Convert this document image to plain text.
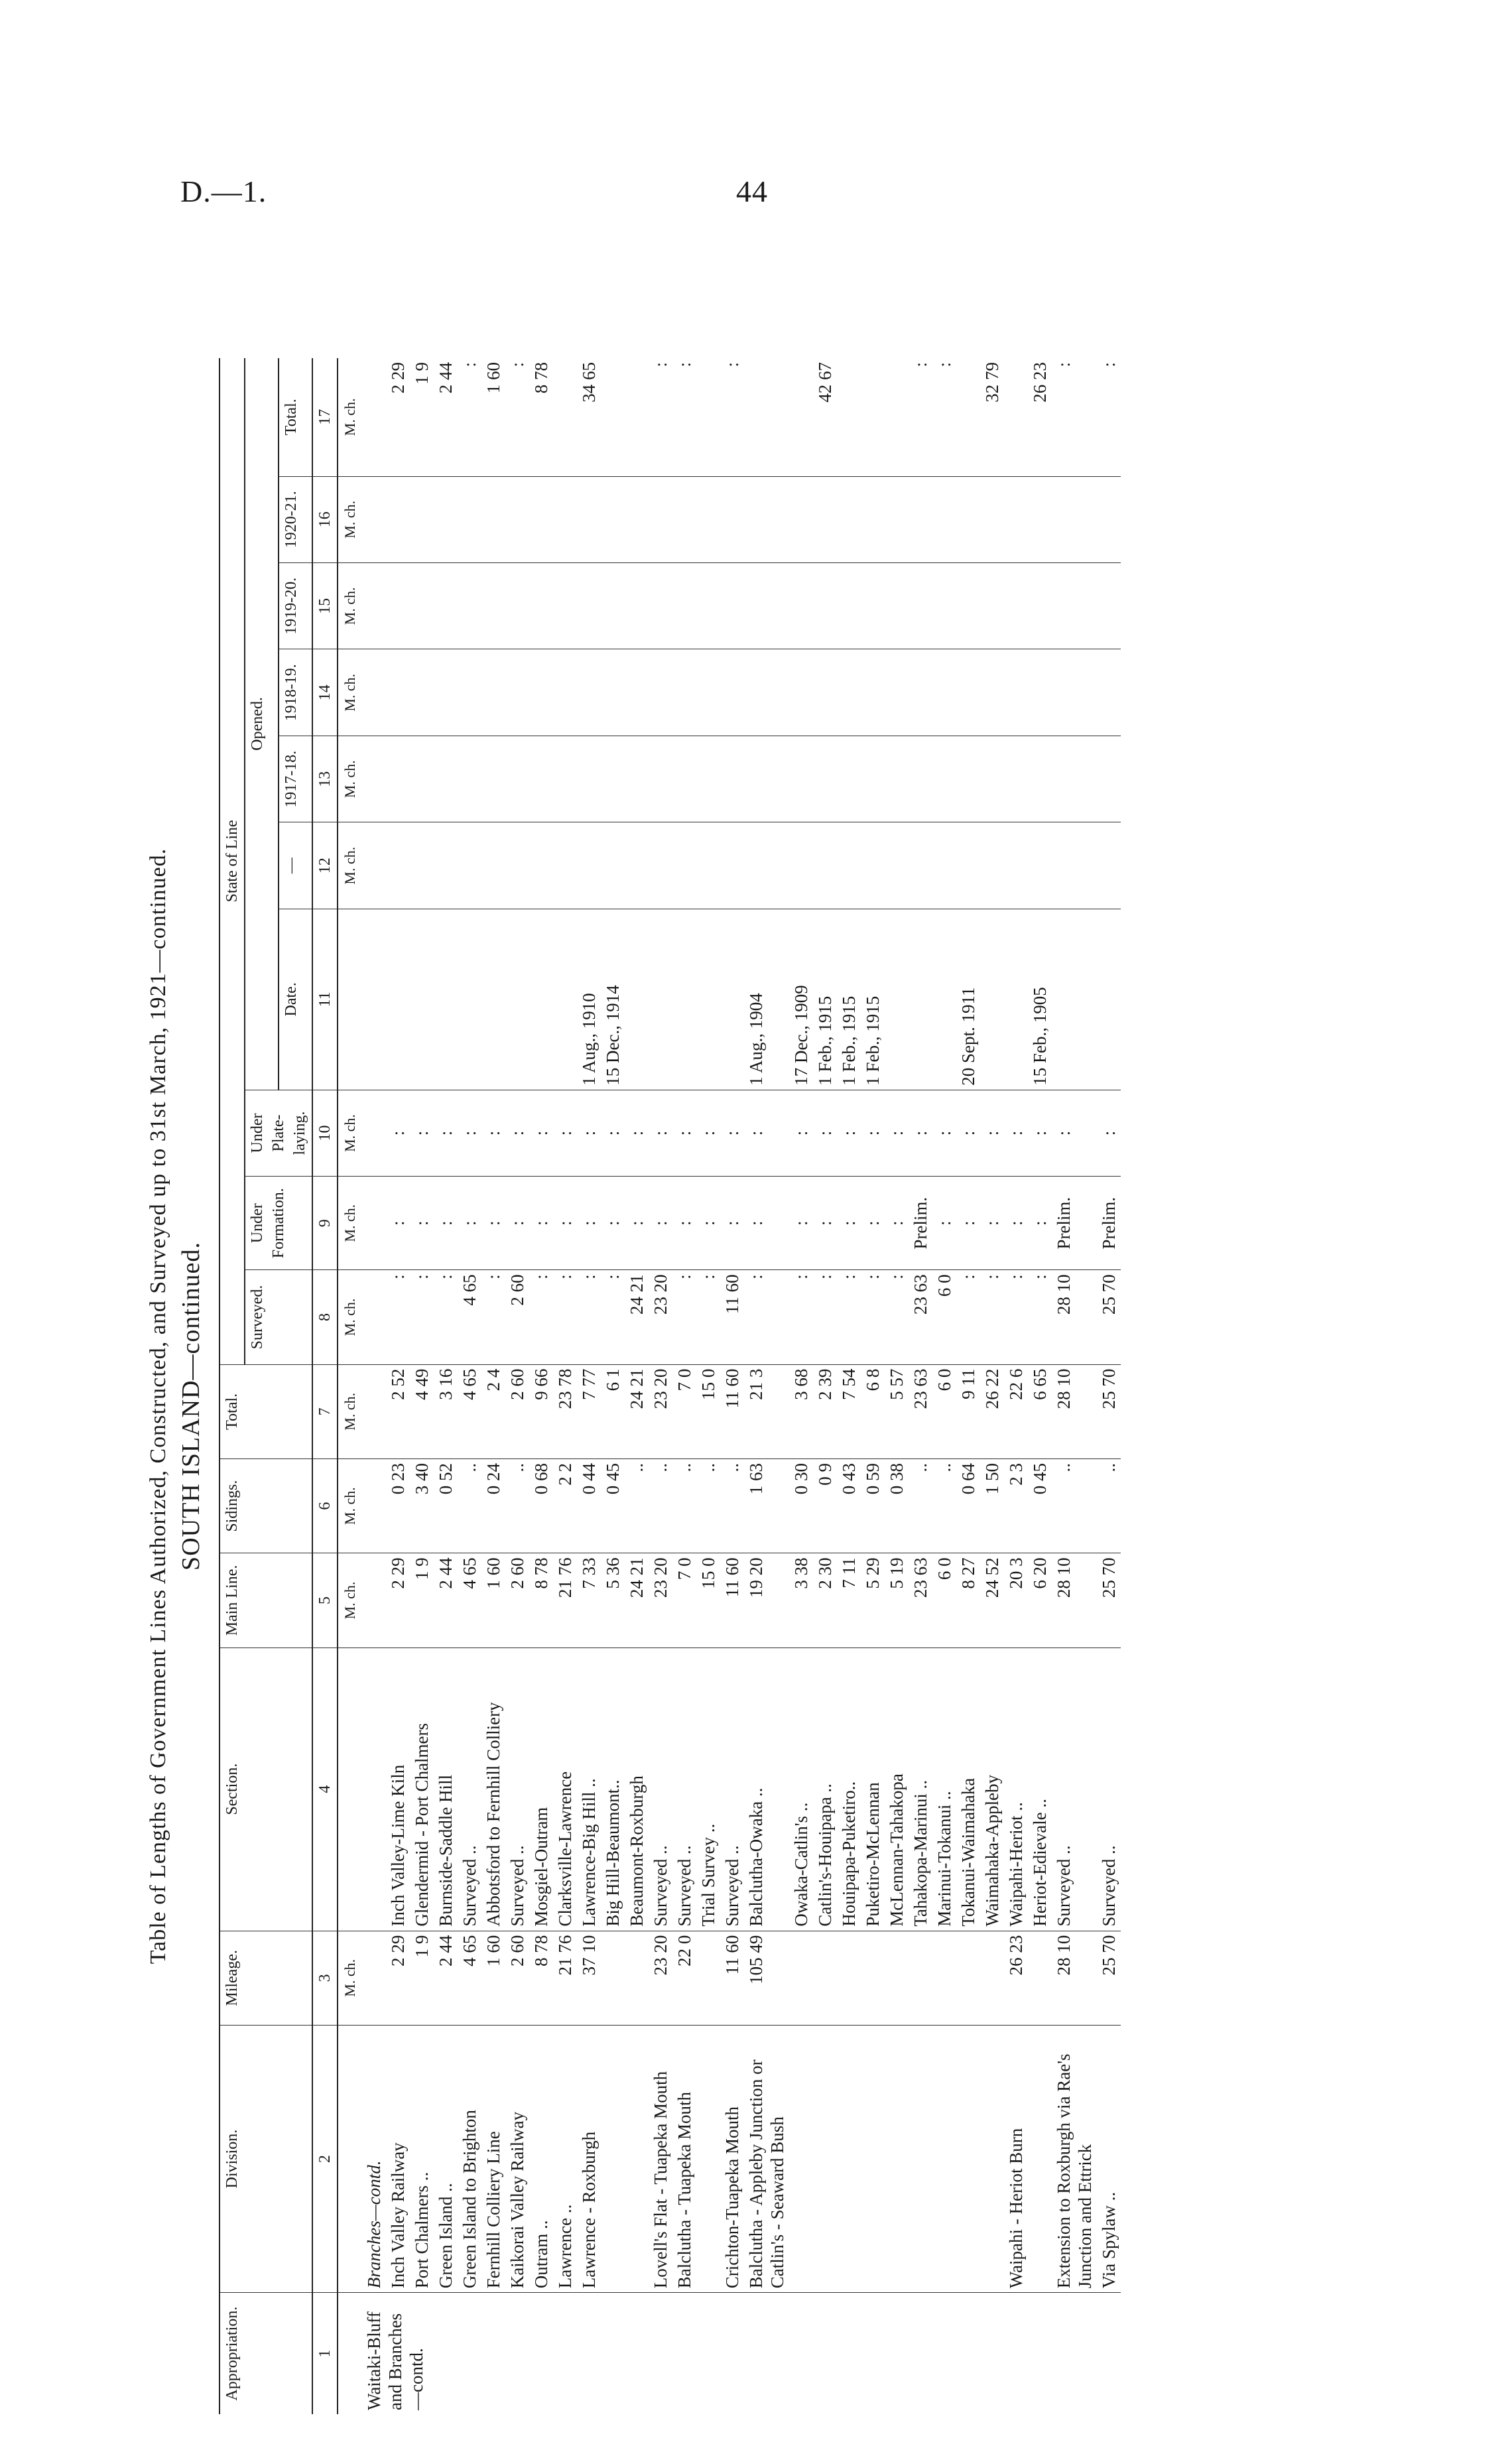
D.—1.	44
Table of Lengths of Government Lines Authorized, Constructed, and Surveyed up to 31st March, 1921—continued. SOUTH ISLAND—continued.
Appropriation.	Division.	Mileage.	Section.	Main Line.	Sidings.	Total.	State of Line									
							Surveyed.	Under Formation.	Under Plate-laying.	Opened.						
										Date.	—	1917-18.	1918-19.	1919-20.	1920-21.	Total.
1	2	3	4	5	6	7	8	9	10	11	12	13	14	15	16	17
		M. ch.		M. ch.	M. ch.	M. ch.	M. ch.	M. ch.	M. ch.		M. ch.	M. ch.	M. ch.	M. ch.	M. ch.	M. ch.
Waitaki-Bluff and Branches —contd.	Branches—contd.															
	Inch Valley Railway	2 29	Inch Valley-Lime Kiln	2 29	0 23	2 52	:	:	:							2 29
	Port Chalmers ..	1 9	Glendermid - Port Chalmers	1 9	3 40	4 49	:	:	:							1 9
	Green Island ..	2 44	Burnside-Saddle Hill	2 44	0 52	3 16	:	:	:							2 44
	Green Island to Brighton	4 65	Surveyed ..	4 65	..	4 65	4 65	:	:							:
	Fernhill Colliery Line	1 60	Abbotsford to Fernhill Colliery	1 60	0 24	2 4	:	:	:							1 60
	Kaikorai Valley Railway	2 60	Surveyed ..	2 60	..	2 60	2 60	:	:							:
	Outram ..	8 78	Mosgiel-Outram	8 78	0 68	9 66	:	:	:							8 78
	Lawrence ..	21 76	Clarksville-Lawrence	21 76	2 2	23 78	:	:	:							
	Lawrence - Roxburgh	37 10	Lawrence-Big Hill ..	7 33	0 44	7 77	:	:	:	1 Aug., 1910						34 65
			Big Hill-Beaumont..	5 36	0 45	6 1	:	:	:	15 Dec., 1914						
			Beaumont-Roxburgh	24 21	..	24 21	24 21	:	:							
	Lovell's Flat - Tuapeka Mouth	23 20	Surveyed ..	23 20	..	23 20	23 20	:	:							:
	Balclutha - Tuapeka Mouth	22 0	Surveyed ..	7 0	..	7 0	:	:	:							:
			Trial Survey ..	15 0	..	15 0	:	:	:							
	Crichton-Tuapeka Mouth	11 60	Surveyed ..	11 60	..	11 60	11 60	:	:							:
	Balclutha - Appleby Junction or Catlin's - Seaward Bush	105 49	Balclutha-Owaka ..	19 20	1 63	21 3	:	:	:	1 Aug., 1904						
			Owaka-Catlin's ..	3 38	0 30	3 68	:	:	:	17 Dec., 1909						
			Catlin's-Houipapa ..	2 30	0 9	2 39	:	:	:	1 Feb., 1915						42 67
			Houipapa-Puketiro..	7 11	0 43	7 54	:	:	:	1 Feb., 1915						
			Puketiro-McLennan	5 29	0 59	6 8	:	:	:	1 Feb., 1915						
			McLennan-Tahakopa	5 19	0 38	5 57	:	:	:							
			Tahakopa-Marinui ..	23 63	..	23 63	23 63	Prelim.	:							:
			Marinui-Tokanui ..	6 0	..	6 0	6 0	:	:							:
			Tokanui-Waimahaka	8 27	0 64	9 11	:	:	:	20 Sept. 1911						
			Waimahaka-Appleby	24 52	1 50	26 22	:	:	:							32 79
	Waipahi - Heriot Burn	26 23	Waipahi-Heriot ..	20 3	2 3	22 6	:	:	:							
			Heriot-Edievale ..	6 20	0 45	6 65	:	:	:	15 Feb., 1905						26 23
	Extension to Roxburgh via Rae's Junction and Ettrick	28 10	Surveyed ..	28 10	..	28 10	28 10	Prelim.	:							:
	Via Spylaw ..	25 70	Surveyed ..	25 70	..	25 70	25 70	Prelim.	:							:
